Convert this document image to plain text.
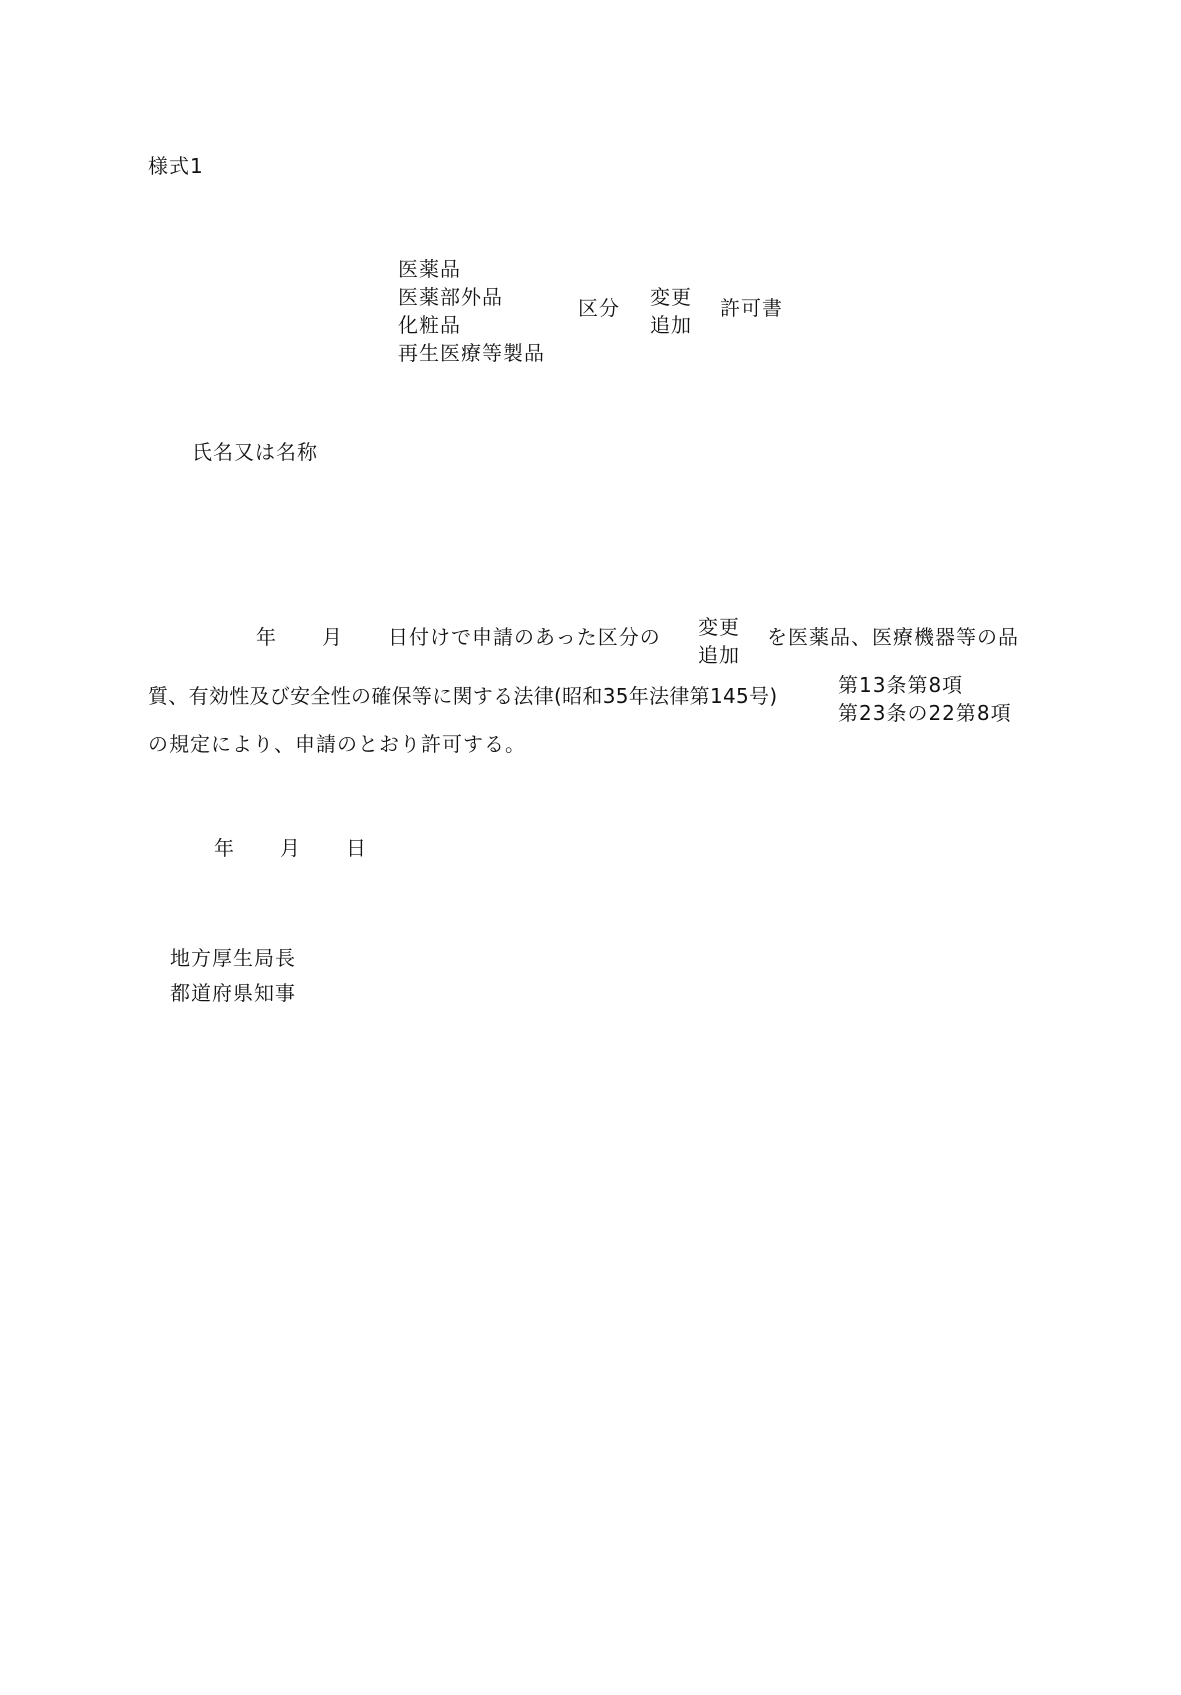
様式1
医薬品
医薬部外品
化粧品
再生医療等製品
区分 変更
追加
許可書
氏名又は名称
年 月 日付けで申請のあった区分の 変更
追加
を医薬品、医療機器等の品
質、有効性及び安全性の確保等に関する法律(昭和35年法律第145号)	第13条第8項
第23条の22第8項
の規定により、申請のとおり許可する。
年 月 日
地方厚生局長
都道府県知事
